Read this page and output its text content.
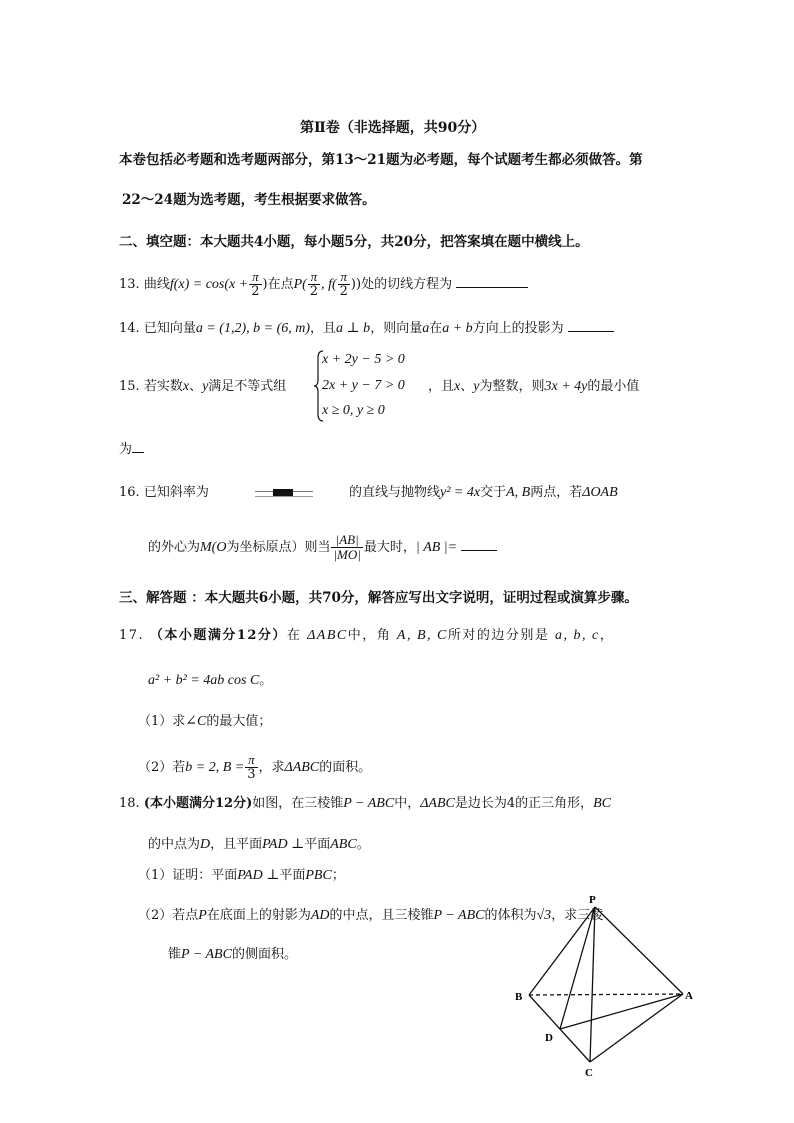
第Ⅱ卷（非选择题，共90分）
本卷包括必考题和选考题两部分，第13～21题为必考题，每个试题考生都必须做答。第
22～24题为选考题，考生根据要求做答。
二、填空题：本大题共4小题，每小题5分，共20分，把答案填在题中横线上。
13. 曲线$f(x) = \cos(x + \frac{\pi}{2}$ )在点$P( \frac{\pi}{2}$ , $f( \frac{\pi}{2}$ ))处的切线方程为
14. 已知向量a = (1,2), b = (6, m)，且a ⊥ b，则向量a在a + b方向上的投影为
15. 若实数x、y满足不等式组
x + 2y − 5 > 0
2x + y − 7 > 0
x ≥ 0, y ≥ 0
，且x、y为整数，则3x + 4y的最小值
为
16. 已知斜率为	的直线与抛物线y² = 4x交于A, B两点，若ΔOAB
的外心为M(O为坐标原点）则当 $\frac{|AB|}{|MO|}$ 最大时，| AB |=
三、解答题 ：本大题共6小题，共70分，解答应写出文字说明，证明过程或演算步骤。
17. （本小题满分12分）在 ΔABC中，角 A, B, C所对的边分别是 a, b, c，
a² + b² = 4ab cos C。
（1）求∠C的最大值；
（2）若b = 2, $B = \frac{\pi}{3}$ ，求ΔABC的面积。
18. (本小题满分12分)如图，在三棱锥P − ABC中，ΔABC是边长为4的正三角形，BC
的中点为D，且平面PAD ⊥平面ABC。
（1）证明：平面PAD ⊥平面PBC；
（2）若点P在底面上的射影为AD的中点，且三棱锥P − ABC的体积为√3，求三棱
锥P − ABC的侧面积。
P
B	A
D
C
